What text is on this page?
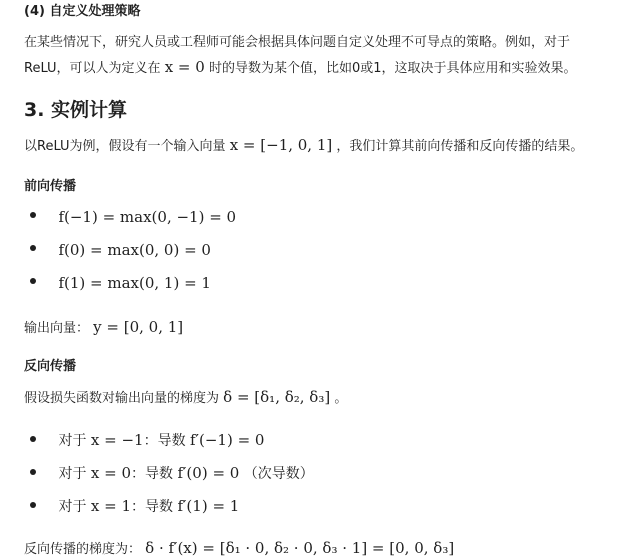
(4) 自定义处理策略
在某些情况下，研究人员或工程师可能会根据具体问题自定义处理不可导点的策略。例如，对于
ReLU，可以人为定义在 x = 0 时的导数为某个值，比如0或1，这取决于具体应用和实验效果。
3. 实例计算
以ReLU为例，假设有一个输入向量 x = [−1, 0, 1] ，我们计算其前向传播和反向传播的结果。
前向传播
f(−1) = max(0, −1) = 0
f(0) = max(0, 0) = 0
f(1) = max(0, 1) = 1
输出向量： y = [0, 0, 1]
反向传播
假设损失函数对输出向量的梯度为 δ = [δ₁, δ₂, δ₃] 。
对于 x = −1：导数 f′(−1) = 0
对于 x = 0：导数 f′(0) = 0 （次导数）
对于 x = 1：导数 f′(1) = 1
反向传播的梯度为： δ · f′(x) = [δ₁ · 0, δ₂ · 0, δ₃ · 1] = [0, 0, δ₃]
